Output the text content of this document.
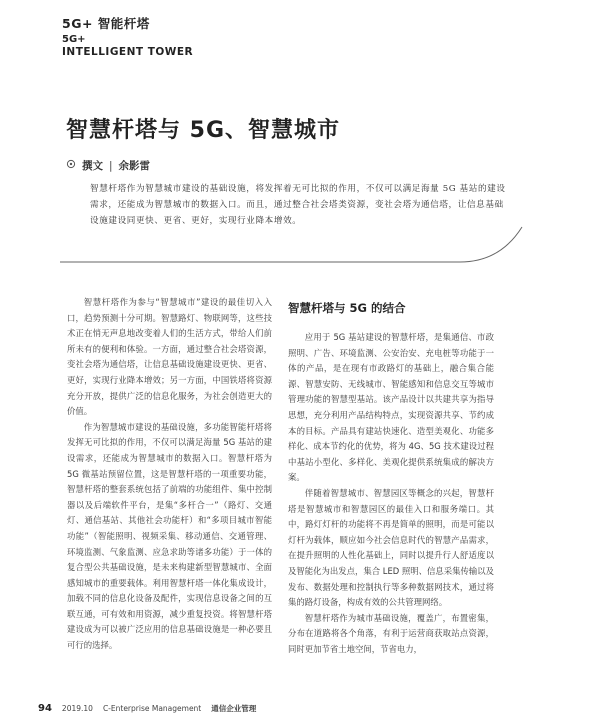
5G+ 智能杆塔
5G+
INTELLIGENT TOWER
智慧杆塔与 5G、智慧城市
撰文 | 余影雷
智慧杆塔作为智慧城市建设的基础设施，将发挥着无可比拟的作用，不仅可以满足海量 5G 基站的建设需求，还能成为智慧城市的数据入口。而且，通过整合社会塔类资源，变社会塔为通信塔，让信息基础设施建设同更快、更省、更好，实现行业降本增效。

智慧杆塔作为参与“智慧城市”建设的最佳切入入口，趋势预测十分可期。智慧路灯、物联网等，这些技术正在悄无声息地改变着人们的生活方式，带给人们前所未有的便利和体验。一方面，通过整合社会塔资源，变社会塔为通信塔，让信息基础设施建设更快、更省、更好，实现行业降本增效；另一方面，中国铁塔将资源充分开放，提供广泛的信息化服务，为社会创造更大的价值。

作为智慧城市建设的基础设施，多功能智能杆塔将发挥无可比拟的作用，不仅可以满足海量 5G 基站的建设需求，还能成为智慧城市的数据入口。智慧杆塔为 5G 微基站预留位置，这是智慧杆塔的一项重要功能，智慧杆塔的整套系统包括了前端的功能组件、集中控制器以及后端软件平台，是集“多杆合一”（路灯、交通灯、通信基站、其他社会功能杆）和“多项目城市智能功能”（智能照明、视频采集、移动通信、交通管理、环境监测、气象监测、应急求助等诸多功能）于一体的复合型公共基础设施，是未来构建新型智慧城市、全面感知城市的重要载体。利用智慧杆塔一体化集成设计，加载不同的信息化设备及配件，实现信息设备之间的互联互通，可有效和用资源，减少重复投资。将智慧杆塔建设成为可以被广泛应用的信息基础设施是一种必要且可行的选择。

智慧杆塔与 5G 的结合

应用于 5G 基站建设的智慧杆塔，是集通信、市政照明、广告、环境监测、公安治安、充电桩等功能于一体的产品，是在现有市政路灯的基础上，融合集合能源、智慧安防、无线城市、智能感知和信息交互等城市管理功能的智慧型基站。该产品设计以共建共享为指导思想，充分利用产品结构特点，实现资源共享、节约成本的目标。产品具有建站快速化、造型美观化、功能多样化、成本节约化的优势，将为 4G、5G 技术建设过程中基站小型化、多样化、美观化提供系统集成的解决方案。

伴随着智慧城市、智慧园区等概念的兴起，智慧杆塔是智慧城市和智慧园区的最佳入口和服务端口。其中，路灯灯杆的功能将不再是简单的照明，而是可能以灯杆为载体，顺应如今社会信息时代的智慧产品需求，在提升照明的人性化基础上，同时以提升行人舒适度以及智能化为出发点，集合 LED 照明、信息采集传输以及发布、数据处理和控制执行等多种数据网技术，通过将集的路灯设备，构成有效的公共管理网络。

智慧杆塔作为城市基础设施，覆盖广，布置密集，分布在道路将各个角落，有利于运营商获取站点资源，同时更加节省土地空间，节省电力，

94 2019.10 C-Enterprise Management 通信企业管理
